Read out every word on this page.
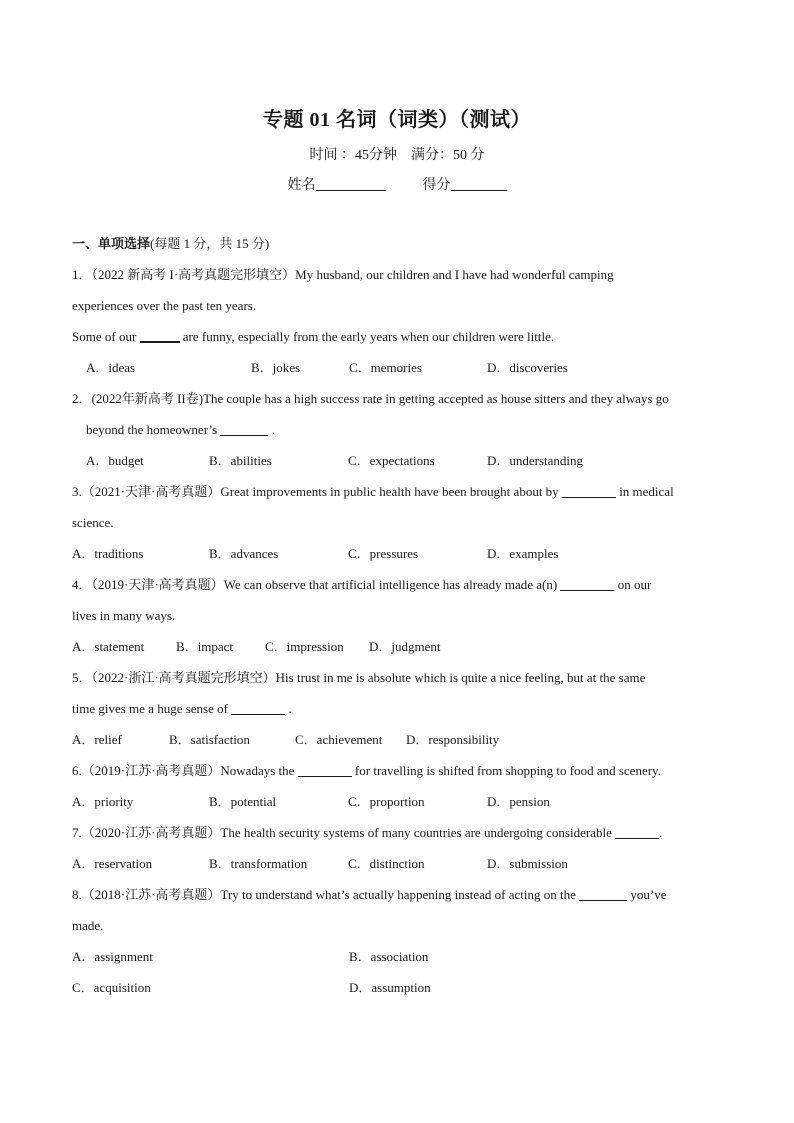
专题 01 名词（词类）（测试）
时间 ：45分钟 满分：50 分
姓名	得分
一、单项选择(每题 1 分，共 15 分)
1．（2022 新高考 I·高考真题完形填空）My husband, our children and I have had wonderful camping
experiences over the past ten years.
Some of our	are funny, especially from the early years when our children were little.
A．ideas	B．jokes	C．memories	D．discoveries
2．(2022年新高考 II卷)The couple has a high success rate in getting accepted as house sitters and they always go
beyond the homeowner’s	.
A．budget	B．abilities	C．expectations	D．understanding
3.（2021·天津·高考真题）Great improvements in public health have been brought about by	in medical
science.
A．traditions	B．advances	C．pressures	D．examples
4．（2019·天津·高考真题）We can observe that artificial intelligence has already made a(n)	on our
lives in many ways.
A．statement B．impact C．impression D．judgment
5．（2022·浙江·高考真题完形填空）His trust in me is absolute which is quite a nice feeling, but at the same
time gives me a huge sense of	.
A．relief	B．satisfaction	C．achievement D．responsibility
6.（2019·江苏·高考真题）Nowadays the	for travelling is shifted from shopping to food and scenery.
A．priority	B．potential	C．proportion	D．pension
7.（2020·江苏·高考真题）The health security systems of many countries are undergoing considerable	.
A．reservation	B．transformation	C．distinction	D．submission
8.（2018·江苏·高考真题）Try to understand what’s actually happening instead of acting on the	you’ve
made.
A．assignment	B．association
C．acquisition	D．assumption
